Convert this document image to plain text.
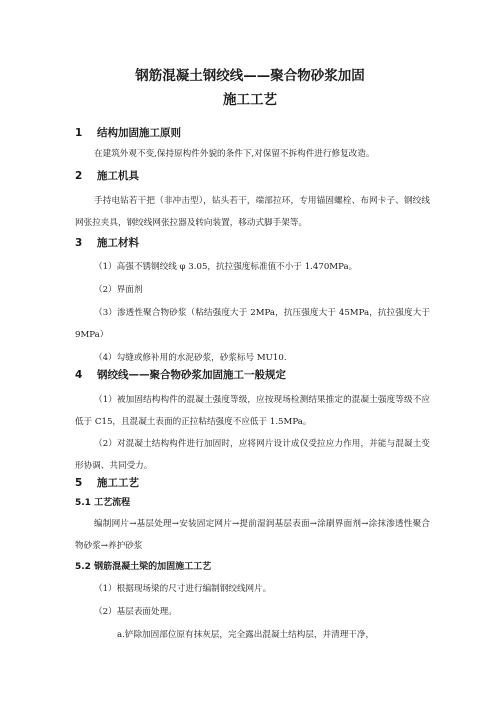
钢筋混凝土钢绞线——聚合物砂浆加固
施工工艺
1 结构加固施工原则
在建筑外观不变,保持原构件外貌的条件下,对保留不拆构件进行修复改造。
2 施工机具
手持电钻若干把（非冲击型），钻头若干，端部拉环，专用锚固螺栓、布网卡子、钢绞线网张拉夹具，钢绞线网张拉器及转向装置，移动式脚手架等。
3 施工材料
（1）高强不锈钢绞线 φ 3.05，抗拉强度标准值不小于 1.470MPa。
（2）界面剂
（3）渗透性聚合物砂浆（粘结强度大于 2MPa，抗压强度大于 45MPa，抗拉强度大于 9MPa）
（4）勾缝或修补用的水泥砂浆，砂浆标号 MU10.
4 钢绞线——聚合物砂浆加固施工一般规定
（1）被加固结构构件的混凝土强度等级，应按现场检测结果推定的混凝土强度等级不应低于 C15，且混凝土表面的正拉粘结强度不应低于 1.5MPa。
（2）对混凝土结构构件进行加固时，应将网片设计成仅受拉应力作用，并能与混凝土变形协调、共同受力。
5 施工工艺
5.1 工艺流程
编制网片→基层处理→安装固定网片→提前湿润基层表面→涂刷界面剂→涂抹渗透性聚合物砂浆→养护砂浆
5.2 钢筋混凝土梁的加固施工工艺
（1）根据现场梁的尺寸进行编制钢绞线网片。
（2）基层表面处理。
a.铲除加固部位原有抹灰层，完全露出混凝土结构层，并清理干净，
